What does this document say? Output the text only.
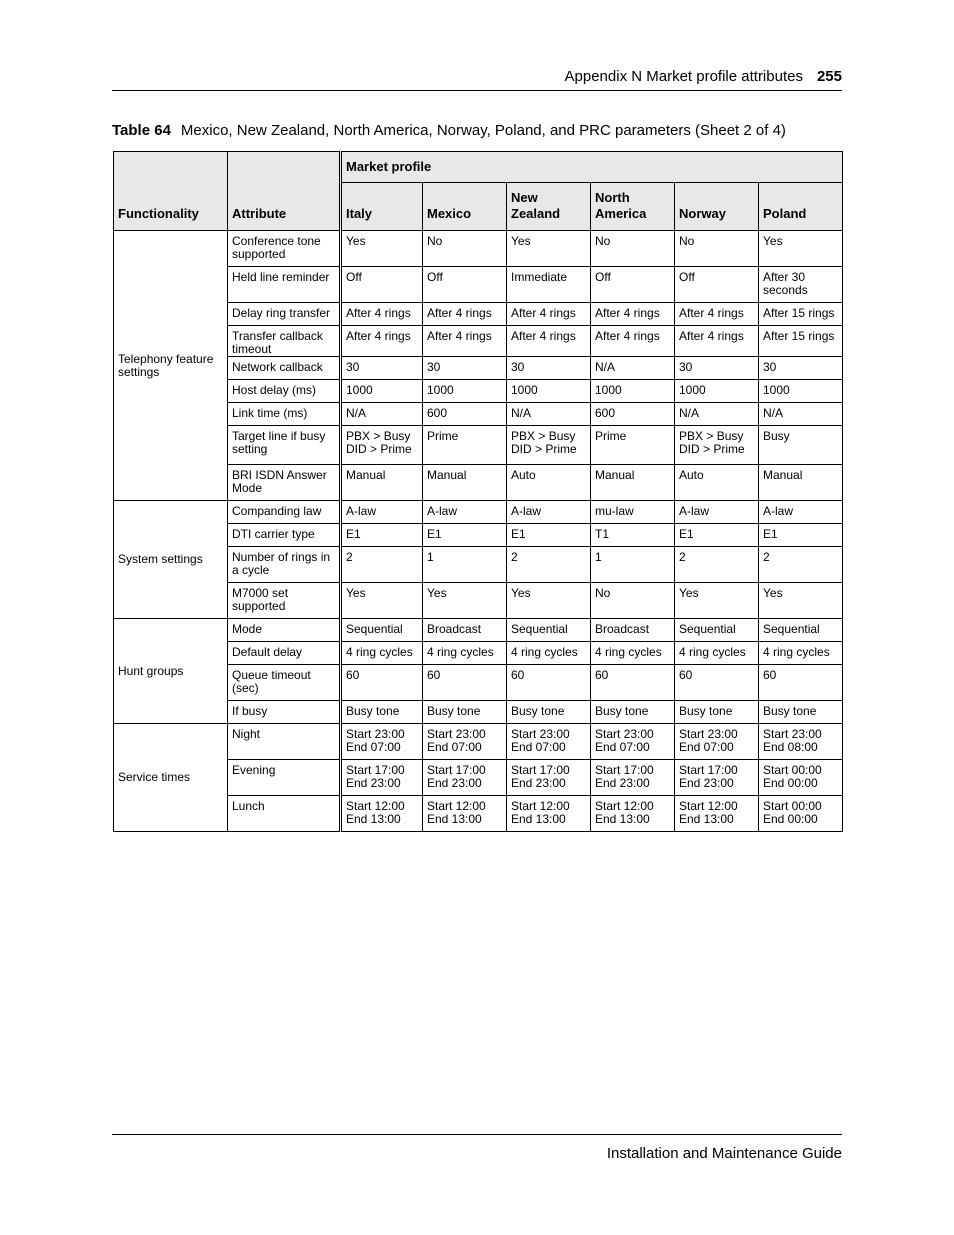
Appendix N Market profile attributes 255
Table 64 Mexico, New Zealand, North America, Norway, Poland, and PRC parameters (Sheet 2 of 4)
Functionality	Attribute	Market profile					
		Italy	Mexico	New Zealand	North America	Norway	Poland
Telephony feature settings	Conference tone supported	Yes	No	Yes	No	No	Yes
	Held line reminder	Off	Off	Immediate	Off	Off	After 30 seconds
	Delay ring transfer	After 4 rings	After 4 rings	After 4 rings	After 4 rings	After 4 rings	After 15 rings
	Transfer callback timeout	After 4 rings	After 4 rings	After 4 rings	After 4 rings	After 4 rings	After 15 rings
	Network callback	30	30	30	N/A	30	30
	Host delay (ms)	1000	1000	1000	1000	1000	1000
	Link time (ms)	N/A	600	N/A	600	N/A	N/A
	Target line if busy setting	PBX > Busy DID > Prime	Prime	PBX > Busy DID > Prime	Prime	PBX > Busy DID > Prime	Busy
	BRI ISDN Answer Mode	Manual	Manual	Auto	Manual	Auto	Manual
System settings	Companding law	A-law	A-law	A-law	mu-law	A-law	A-law
	DTI carrier type	E1	E1	E1	T1	E1	E1
	Number of rings in a cycle	2	1	2	1	2	2
	M7000 set supported	Yes	Yes	Yes	No	Yes	Yes
Hunt groups	Mode	Sequential	Broadcast	Sequential	Broadcast	Sequential	Sequential
	Default delay	4 ring cycles	4 ring cycles	4 ring cycles	4 ring cycles	4 ring cycles	4 ring cycles
	Queue timeout (sec)	60	60	60	60	60	60
	If busy	Busy tone	Busy tone	Busy tone	Busy tone	Busy tone	Busy tone
Service times	Night	Start 23:00 End 07:00	Start 23:00 End 07:00	Start 23:00 End 07:00	Start 23:00 End 07:00	Start 23:00 End 07:00	Start 23:00 End 08:00
	Evening	Start 17:00 End 23:00	Start 17:00 End 23:00	Start 17:00 End 23:00	Start 17:00 End 23:00	Start 17:00 End 23:00	Start 00:00 End 00:00
	Lunch	Start 12:00 End 13:00	Start 12:00 End 13:00	Start 12:00 End 13:00	Start 12:00 End 13:00	Start 12:00 End 13:00	Start 00:00 End 00:00
Installation and Maintenance Guide
